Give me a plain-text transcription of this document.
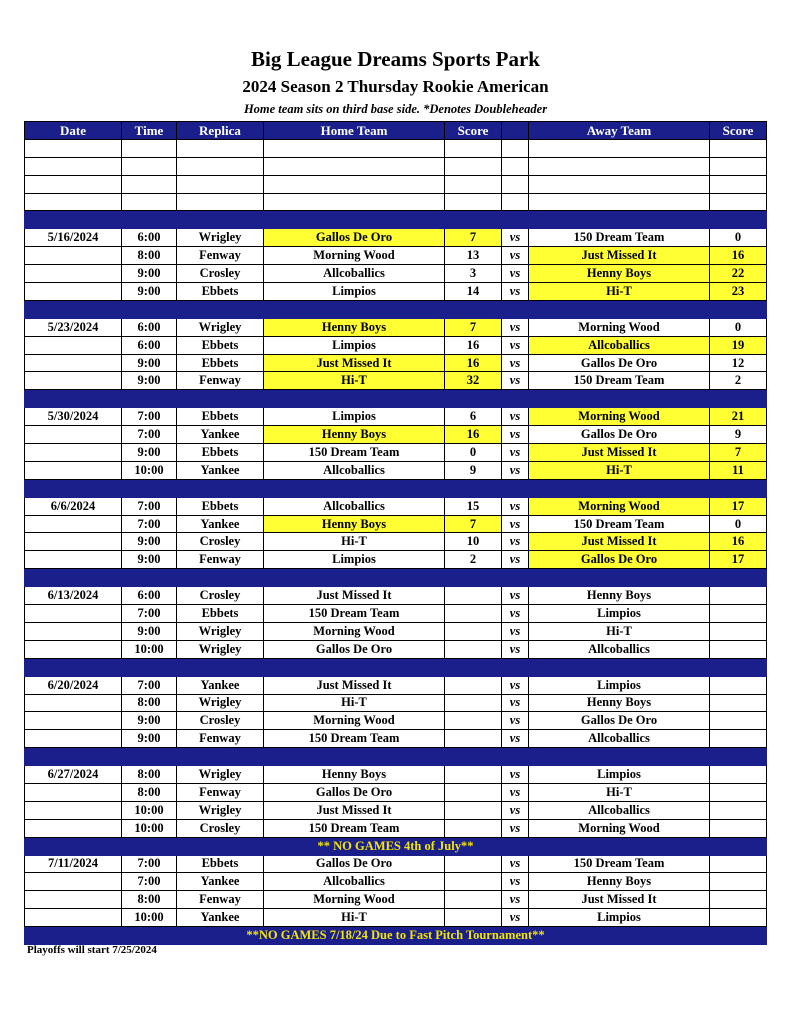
Big League Dreams Sports Park
2024 Season 2 Thursday Rookie American
Home team sits on third base side. *Denotes Doubleheader
Date	Time	Replica	Home Team	Score		Away Team	Score

5/16/2024	6:00	Wrigley	Gallos De Oro	7	vs	150 Dream Team	0
	8:00	Fenway	Morning Wood	13	vs	Just Missed It	16
	9:00	Crosley	Allcoballics	3	vs	Henny Boys	22
	9:00	Ebbets	Limpios	14	vs	Hi-T	23

5/23/2024	6:00	Wrigley	Henny Boys	7	vs	Morning Wood	0
	6:00	Ebbets	Limpios	16	vs	Allcoballics	19
	9:00	Ebbets	Just Missed It	16	vs	Gallos De Oro	12
	9:00	Fenway	Hi-T	32	vs	150 Dream Team	2

5/30/2024	7:00	Ebbets	Limpios	6	vs	Morning Wood	21
	7:00	Yankee	Henny Boys	16	vs	Gallos De Oro	9
	9:00	Ebbets	150 Dream Team	0	vs	Just Missed It	7
	10:00	Yankee	Allcoballics	9	vs	Hi-T	11

6/6/2024	7:00	Ebbets	Allcoballics	15	vs	Morning Wood	17
	7:00	Yankee	Henny Boys	7	vs	150 Dream Team	0
	9:00	Crosley	Hi-T	10	vs	Just Missed It	16
	9:00	Fenway	Limpios	2	vs	Gallos De Oro	17

6/13/2024	6:00	Crosley	Just Missed It		vs	Henny Boys	
	7:00	Ebbets	150 Dream Team		vs	Limpios	
	9:00	Wrigley	Morning Wood		vs	Hi-T	
	10:00	Wrigley	Gallos De Oro		vs	Allcoballics	

6/20/2024	7:00	Yankee	Just Missed It		vs	Limpios	
	8:00	Wrigley	Hi-T		vs	Henny Boys	
	9:00	Crosley	Morning Wood		vs	Gallos De Oro	
	9:00	Fenway	150 Dream Team		vs	Allcoballics	

6/27/2024	8:00	Wrigley	Henny Boys		vs	Limpios	
	8:00	Fenway	Gallos De Oro		vs	Hi-T	
	10:00	Wrigley	Just Missed It		vs	Allcoballics	
	10:00	Crosley	150 Dream Team		vs	Morning Wood	
** NO GAMES 4th of July**							
7/11/2024	7:00	Ebbets	Gallos De Oro		vs	150 Dream Team	
	7:00	Yankee	Allcoballics		vs	Henny Boys	
	8:00	Fenway	Morning Wood		vs	Just Missed It	
	10:00	Yankee	Hi-T		vs	Limpios	
**NO GAMES 7/18/24 Due to Fast Pitch Tournament**							
Playoffs will start 7/25/2024
